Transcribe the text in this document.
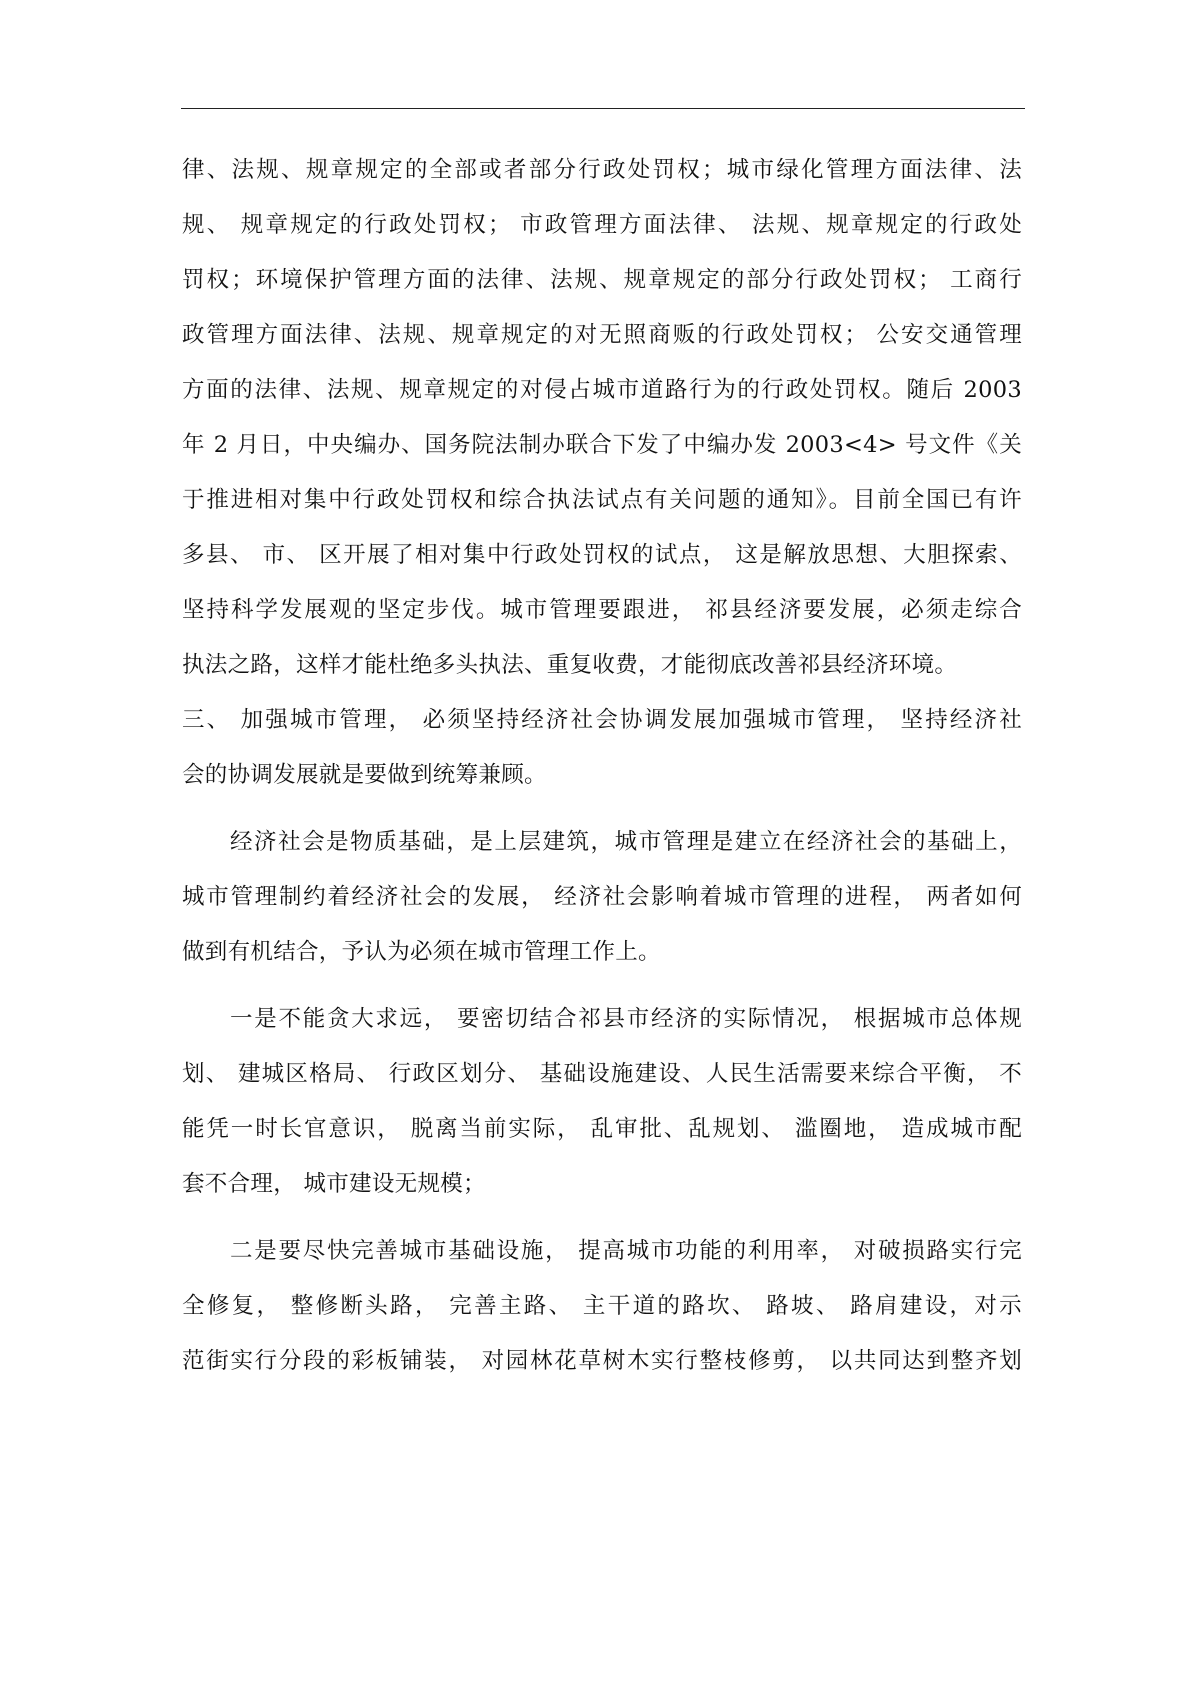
律、法规、规章规定的全部或者部分行政处罚权；城市绿化管理方面法律、法
规、 规章规定的行政处罚权； 市政管理方面法律、 法规、规章规定的行政处
罚权；环境保护管理方面的法律、法规、规章规定的部分行政处罚权； 工商行
政管理方面法律、法规、规章规定的对无照商贩的行政处罚权； 公安交通管理
方面的法律、法规、规章规定的对侵占城市道路行为的行政处罚权。随后 2003
年 2 月日，中央编办、国务院法制办联合下发了中编办发 2003<4> 号文件《关
于推进相对集中行政处罚权和综合执法试点有关问题的通知》。目前全国已有许
多县、 市、 区开展了相对集中行政处罚权的试点， 这是解放思想、大胆探索、
坚持科学发展观的坚定步伐。城市管理要跟进， 祁县经济要发展，必须走综合
执法之路，这样才能杜绝多头执法、重复收费，才能彻底改善祁县经济环境。
三、 加强城市管理， 必须坚持经济社会协调发展加强城市管理， 坚持经济社
会的协调发展就是要做到统筹兼顾。
经济社会是物质基础，是上层建筑，城市管理是建立在经济社会的基础上，
城市管理制约着经济社会的发展， 经济社会影响着城市管理的进程， 两者如何
做到有机结合，予认为必须在城市管理工作上。
一是不能贪大求远， 要密切结合祁县市经济的实际情况， 根据城市总体规
划、 建城区格局、 行政区划分、 基础设施建设、人民生活需要来综合平衡， 不
能凭一时长官意识， 脱离当前实际， 乱审批、乱规划、 滥圈地， 造成城市配
套不合理， 城市建设无规模；
二是要尽快完善城市基础设施， 提高城市功能的利用率， 对破损路实行完
全修复， 整修断头路， 完善主路、 主干道的路坎、 路坡、 路肩建设，对示
范街实行分段的彩板铺装， 对园林花草树木实行整枝修剪， 以共同达到整齐划
